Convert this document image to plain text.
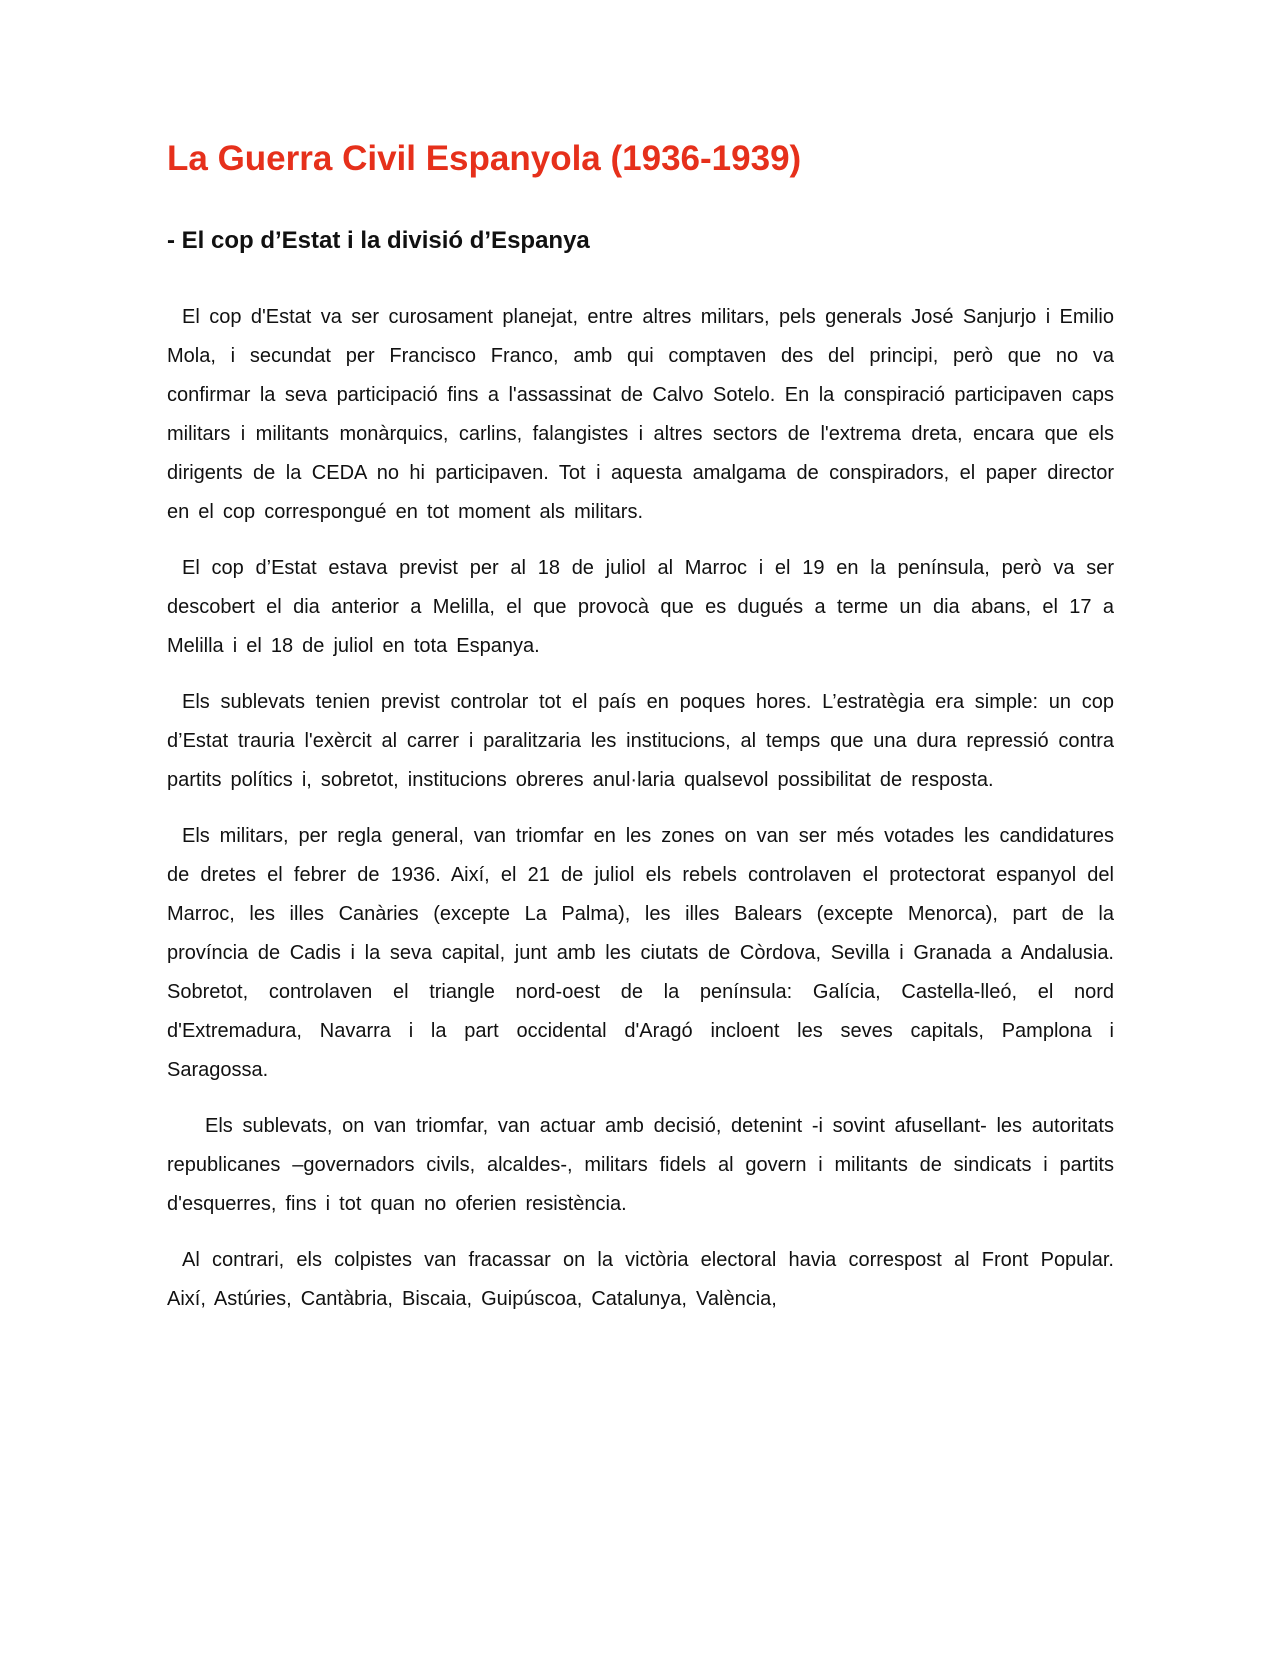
La Guerra Civil Espanyola (1936-1939)
- El cop d’Estat i la divisió d’Espanya

El cop d'Estat va ser curosament planejat, entre altres militars, pels generals José Sanjurjo i Emilio Mola, i secundat per Francisco Franco, amb qui comptaven des del principi, però que no va confirmar la seva participació fins a l'assassinat de Calvo Sotelo. En la conspiració participaven caps militars i militants monàrquics, carlins, falangistes i altres sectors de l'extrema dreta, encara que els dirigents de la CEDA no hi participaven. Tot i aquesta amalgama de conspiradors, el paper director en el cop correspongué en tot moment als militars.

El cop d’Estat estava previst per al 18 de juliol al Marroc i el 19 en la península, però va ser descobert el dia anterior a Melilla, el que provocà que es dugués a terme un dia abans, el 17 a Melilla i el 18 de juliol en tota Espanya.

Els sublevats tenien previst controlar tot el país en poques hores. L’estratègia era simple: un cop d’Estat trauria l'exèrcit al carrer i paralitzaria les institucions, al temps que una dura repressió contra partits polítics i, sobretot, institucions obreres anul·laria qualsevol possibilitat de resposta.

Els militars, per regla general, van triomfar en les zones on van ser més votades les candidatures de dretes el febrer de 1936. Així, el 21 de juliol els rebels controlaven el protectorat espanyol del Marroc, les illes Canàries (excepte La Palma), les illes Balears (excepte Menorca), part de la província de Cadis i la seva capital, junt amb les ciutats de Còrdova, Sevilla i Granada a Andalusia. Sobretot, controlaven el triangle nord-oest de la península: Galícia, Castella-lleó, el nord d'Extremadura, Navarra i la part occidental d'Aragó incloent les seves capitals, Pamplona i Saragossa.

Els sublevats, on van triomfar, van actuar amb decisió, detenint -i sovint afusellant- les autoritats republicanes –governadors civils, alcaldes-, militars fidels al govern i militants de sindicats i partits d'esquerres, fins i tot quan no oferien resistència.

Al contrari, els colpistes van fracassar on la victòria electoral havia correspost al Front Popular. Així, Astúries, Cantàbria, Biscaia, Guipúscoa, Catalunya, València,
